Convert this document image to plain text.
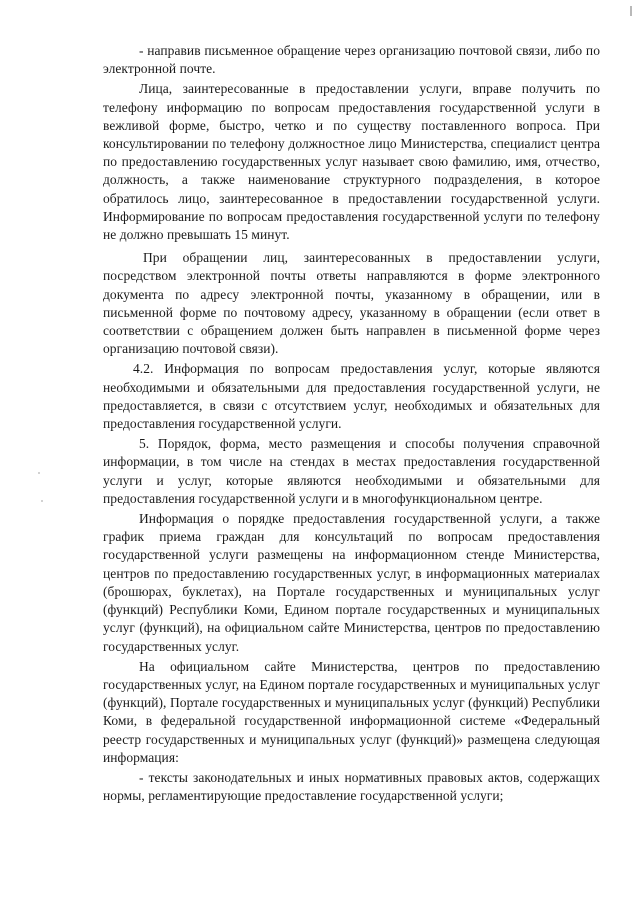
- направив письменное обращение через организацию почтовой связи, либо по электронной почте.

Лица, заинтересованные в предоставлении услуги, вправе получить по телефону информацию по вопросам предоставления государственной услуги в вежливой форме, быстро, четко и по существу поставленного вопроса. При консультировании по телефону должностное лицо Министерства, специалист центра по предоставлению государственных услуг называет свою фамилию, имя, отчество, должность, а также наименование структурного подразделения, в которое обратилось лицо, заинтересованное в предоставлении государственной услуги. Информирование по вопросам предоставления государственной услуги по телефону не должно превышать 15 минут.

При обращении лиц, заинтересованных в предоставлении услуги, посредством электронной почты ответы направляются в форме электронного документа по адресу электронной почты, указанному в обращении, или в письменной форме по почтовому адресу, указанному в обращении (если ответ в соответствии с обращением должен быть направлен в письменной форме через организацию почтовой связи).

4.2. Информация по вопросам предоставления услуг, которые являются необходимыми и обязательными для предоставления государственной услуги, не предоставляется, в связи с отсутствием услуг, необходимых и обязательных для предоставления государственной услуги.

5. Порядок, форма, место размещения и способы получения справочной информации, в том числе на стендах в местах предоставления государственной услуги и услуг, которые являются необходимыми и обязательными для предоставления государственной услуги и в многофункциональном центре.

Информация о порядке предоставления государственной услуги, а также график приема граждан для консультаций по вопросам предоставления государственной услуги размещены на информационном стенде Министерства, центров по предоставлению государственных услуг, в информационных материалах (брошюрах, буклетах), на Портале государственных и муниципальных услуг (функций) Республики Коми, Едином портале государственных и муниципальных услуг (функций), на официальном сайте Министерства, центров по предоставлению государственных услуг.

На официальном сайте Министерства, центров по предоставлению государственных услуг, на Едином портале государственных и муниципальных услуг (функций), Портале государственных и муниципальных услуг (функций) Республики Коми, в федеральной государственной информационной системе «Федеральный реестр государственных и муниципальных услуг (функций)» размещена следующая информация:

- тексты законодательных и иных нормативных правовых актов, содержащих нормы, регламентирующие предоставление государственной услуги;
